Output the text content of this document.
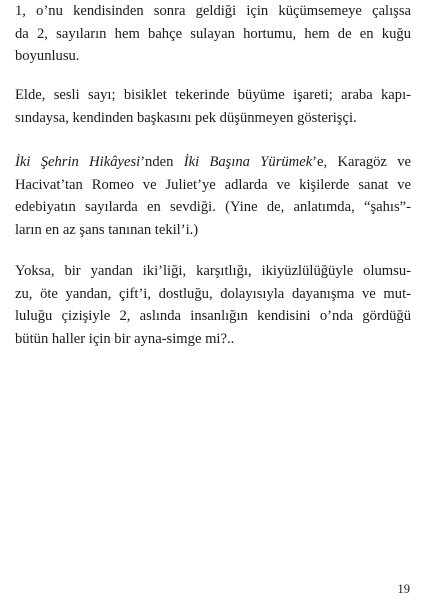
1, o’nu kendisinden sonra geldiği için küçümsemeye çalışsa
da 2, sayıların hem bahçe sulayan hortumu, hem de en kuğu
boyunlusu.
Elde, sesli sayı; bisiklet tekerinde büyüme işareti; araba kapı-
sındaysa, kendinden başkasını pek düşünmeyen gösterişçi.
İki Şehrin Hikâyesi’nden İki Başına Yürümek’e, Karagöz ve
Hacivat’tan Romeo ve Juliet’ye adlarda ve kişilerde sanat ve
edebiyatın sayılarda en sevdiği. (Yine de, anlatımda, “şahıs”-
ların en az şans tanınan tekil’i.)
Yoksa, bir yandan iki’liği, karşıtlığı, ikiyüzlülüğüyle olumsu-
zu, öte yandan, çift’i, dostluğu, dolayısıyla dayanışma ve mut-
luluğu çizişiyle 2, aslında insanlığın kendisini o’nda gördüğü
bütün haller için bir ayna-simge mi?..
19
